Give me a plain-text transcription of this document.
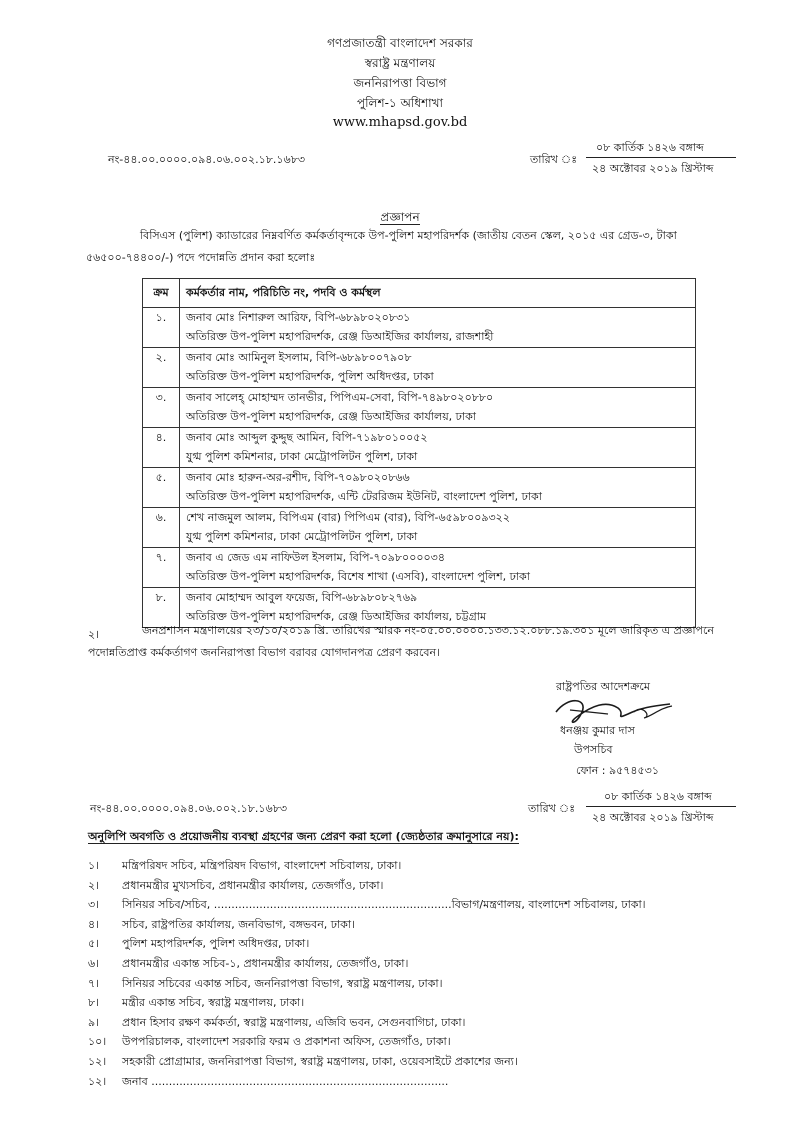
গণপ্রজাতন্ত্রী বাংলাদেশ সরকার
স্বরাষ্ট্র মন্ত্রণালয়
জননিরাপত্তা বিভাগ
পুলিশ-১ অধিশাখা
www.mhapsd.gov.bd
নং-৪৪.০০.০০০০.০৯৪.০৬.০০২.১৮.১৬৮৩	তারিখ ঃ
০৮ কার্তিক ১৪২৬ বঙ্গাব্দ
২৪ অক্টোবর ২০১৯ খ্রিস্টাব্দ
প্রজ্ঞাপন
বিসিএস (পুলিশ) ক্যাডারের নিম্নবর্ণিত কর্মকর্তাবৃন্দকে উপ-পুলিশ মহাপরিদর্শক (জাতীয় বেতন স্কেল, ২০১৫ এর গ্রেড-৩, টাকা ৫৬৫০০-৭৪৪০০/-) পদে পদোন্নতি প্রদান করা হলোঃ
ক্রম	কর্মকর্তার নাম, পরিচিতি নং, পদবি ও কর্মস্থল
১.	জনাব মোঃ নিশারুল আরিফ, বিপি-৬৮৯৮০২০৮৩১
অতিরিক্ত উপ-পুলিশ মহাপরিদর্শক, রেঞ্জ ডিআইজির কার্যালয়, রাজশাহী

২.	জনাব মোঃ আমিনুল ইসলাম, বিপি-৬৮৯৮০০৭৯০৮
অতিরিক্ত উপ-পুলিশ মহাপরিদর্শক, পুলিশ অধিদপ্তর, ঢাকা

৩.	জনাব সালেহ্ মোহাম্মদ তানভীর, পিপিএম-সেবা, বিপি-৭৪৯৮০২০৮৮০
অতিরিক্ত উপ-পুলিশ মহাপরিদর্শক, রেঞ্জ ডিআইজির কার্যালয়, ঢাকা

৪.	জনাব মোঃ আব্দুল কুদ্দুছ আমিন, বিপি-৭১৯৮০১০০৫২
যুগ্ম পুলিশ কমিশনার, ঢাকা মেট্রোপলিটন পুলিশ, ঢাকা

৫.	জনাব মোঃ হারুন-অর-রশীদ, বিপি-৭০৯৮০২০৮৬৬
অতিরিক্ত উপ-পুলিশ মহাপরিদর্শক, এন্টি টেররিজম ইউনিট, বাংলাদেশ পুলিশ, ঢাকা

৬.	শেখ নাজমুল আলম, বিপিএম (বার) পিপিএম (বার), বিপি-৬৫৯৮০০৯৩২২
যুগ্ম পুলিশ কমিশনার, ঢাকা মেট্রোপলিটন পুলিশ, ঢাকা

৭.	জনাব এ জেড এম নাফিউল ইসলাম, বিপি-৭০৯৮০০০০৩৪
অতিরিক্ত উপ-পুলিশ মহাপরিদর্শক, বিশেষ শাখা (এসবি), বাংলাদেশ পুলিশ, ঢাকা

৮.	জনাব মোহাম্মদ আবুল ফয়েজ, বিপি-৬৮৯৮০৮২৭৬৯
অতিরিক্ত উপ-পুলিশ মহাপরিদর্শক, রেঞ্জ ডিআইজির কার্যালয়, চট্টগ্রাম
২।	জনপ্রশাসন মন্ত্রণালয়ের ২৩/১০/২০১৯ খ্রি. তারিখের স্মারক নং-০৫.০০.০০০০.১৩৩.১২.০৮৮.১৯.৩০১ মূলে জারিকৃত এ প্রজ্ঞাপনে পদোন্নতিপ্রাপ্ত কর্মকর্তাগণ জননিরাপত্তা বিভাগ বরাবর যোগদানপত্র প্রেরণ করবেন।
রাষ্ট্রপতির আদেশক্রমে
ধনঞ্জয় কুমার দাস
উপসচিব
ফোন : ৯৫৭৪৫৩১
নং-৪৪.০০.০০০০.০৯৪.০৬.০০২.১৮.১৬৮৩	তারিখ ঃ
০৮ কার্তিক ১৪২৬ বঙ্গাব্দ
২৪ অক্টোবর ২০১৯ খ্রিস্টাব্দ
অনুলিপি অবগতি ও প্রয়োজনীয় ব্যবস্থা গ্রহণের জন্য প্রেরণ করা হলো (জ্যেষ্ঠতার ক্রমানুসারে নয়):
১। মন্ত্রিপরিষদ সচিব, মন্ত্রিপরিষদ বিভাগ, বাংলাদেশ সচিবালয়, ঢাকা।
২। প্রধানমন্ত্রীর মুখ্যসচিব, প্রধানমন্ত্রীর কার্যালয়, তেজগাঁও, ঢাকা।
৩। সিনিয়র সচিব/সচিব, ....................................................................বিভাগ/মন্ত্রণালয়, বাংলাদেশ সচিবালয়, ঢাকা।
৪। সচিব, রাষ্ট্রপতির কার্যালয়, জনবিভাগ, বঙ্গভবন, ঢাকা।
৫। পুলিশ মহাপরিদর্শক, পুলিশ অধিদপ্তর, ঢাকা।
৬। প্রধানমন্ত্রীর একান্ত সচিব-১, প্রধানমন্ত্রীর কার্যালয়, তেজগাঁও, ঢাকা।
৭। সিনিয়র সচিবের একান্ত সচিব, জননিরাপত্তা বিভাগ, স্বরাষ্ট্র মন্ত্রণালয়, ঢাকা।
৮। মন্ত্রীর একান্ত সচিব, স্বরাষ্ট্র মন্ত্রণালয়, ঢাকা।
৯। প্রধান হিসাব রক্ষণ কর্মকর্তা, স্বরাষ্ট্র মন্ত্রণালয়, এজিবি ভবন, সেগুনবাগিচা, ঢাকা।
১০। উপপরিচালক, বাংলাদেশ সরকারি ফরম ও প্রকাশনা অফিস, তেজগাঁও, ঢাকা।
১২। সহকারী প্রোগ্রামার, জননিরাপত্তা বিভাগ, স্বরাষ্ট্র মন্ত্রণালয়, ঢাকা, ওয়েবসাইটে প্রকাশের জন্য।
১২। জনাব .....................................................................................
